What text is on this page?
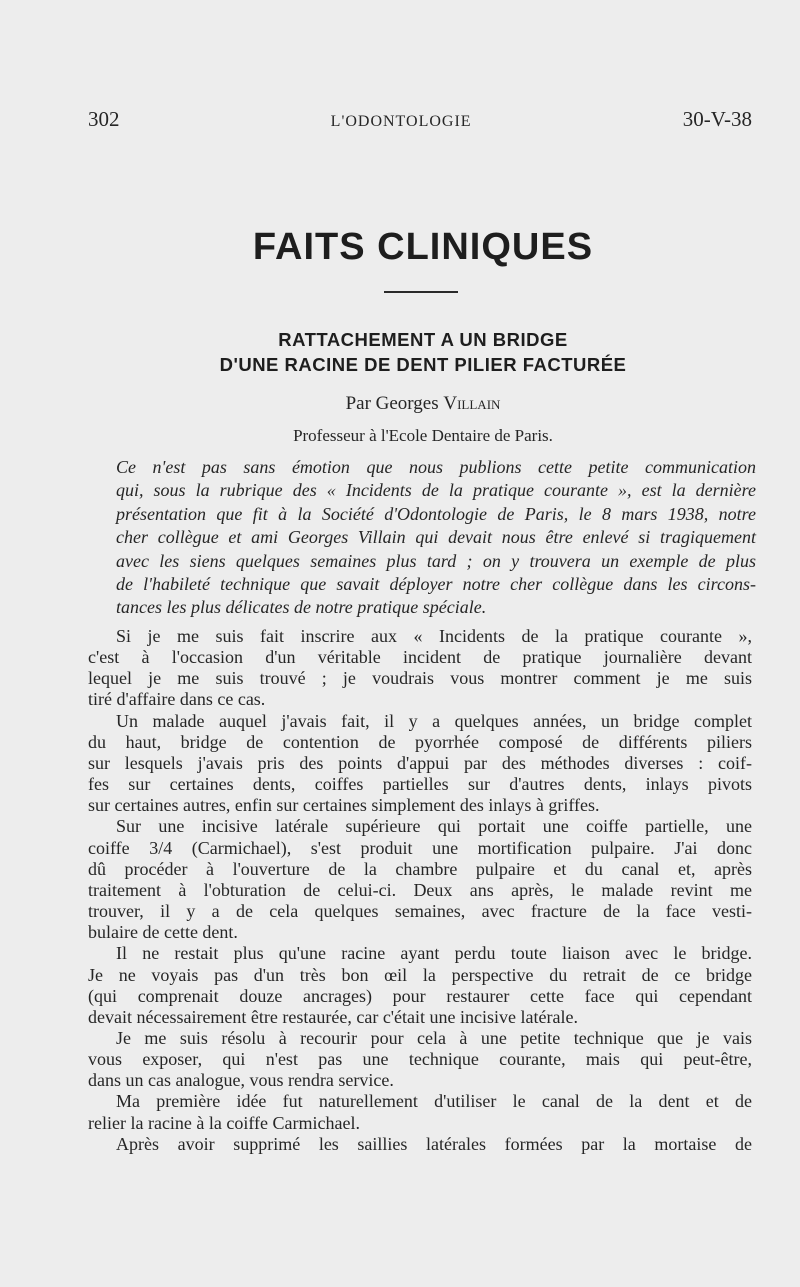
302	L'ODONTOLOGIE	30-V-38
FAITS CLINIQUES
RATTACHEMENT A UN BRIDGE
D'UNE RACINE DE DENT PILIER FACTURÉE
Par Georges Villain
Professeur à l'Ecole Dentaire de Paris.
Ce n'est pas sans émotion que nous publions cette petite communication
qui, sous la rubrique des « Incidents de la pratique courante », est la dernière
présentation que fit à la Société d'Odontologie de Paris, le 8 mars 1938, notre
cher collègue et ami Georges Villain qui devait nous être enlevé si tragiquement
avec les siens quelques semaines plus tard ; on y trouvera un exemple de plus
de l'habileté technique que savait déployer notre cher collègue dans les circons-
tances les plus délicates de notre pratique spéciale.
Si je me suis fait inscrire aux « Incidents de la pratique courante »,
c'est à l'occasion d'un véritable incident de pratique journalière devant
lequel je me suis trouvé ; je voudrais vous montrer comment je me suis
tiré d'affaire dans ce cas.
Un malade auquel j'avais fait, il y a quelques années, un bridge complet
du haut, bridge de contention de pyorrhée composé de différents piliers
sur lesquels j'avais pris des points d'appui par des méthodes diverses : coif-
fes sur certaines dents, coiffes partielles sur d'autres dents, inlays pivots
sur certaines autres, enfin sur certaines simplement des inlays à griffes.
Sur une incisive latérale supérieure qui portait une coiffe partielle, une
coiffe 3/4 (Carmichael), s'est produit une mortification pulpaire. J'ai donc
dû procéder à l'ouverture de la chambre pulpaire et du canal et, après
traitement à l'obturation de celui-ci. Deux ans après, le malade revint me
trouver, il y a de cela quelques semaines, avec fracture de la face vesti-
bulaire de cette dent.
Il ne restait plus qu'une racine ayant perdu toute liaison avec le bridge.
Je ne voyais pas d'un très bon œil la perspective du retrait de ce bridge
(qui comprenait douze ancrages) pour restaurer cette face qui cependant
devait nécessairement être restaurée, car c'était une incisive latérale.
Je me suis résolu à recourir pour cela à une petite technique que je vais
vous exposer, qui n'est pas une technique courante, mais qui peut-être,
dans un cas analogue, vous rendra service.
Ma première idée fut naturellement d'utiliser le canal de la dent et de
relier la racine à la coiffe Carmichael.
Après avoir supprimé les saillies latérales formées par la mortaise de
